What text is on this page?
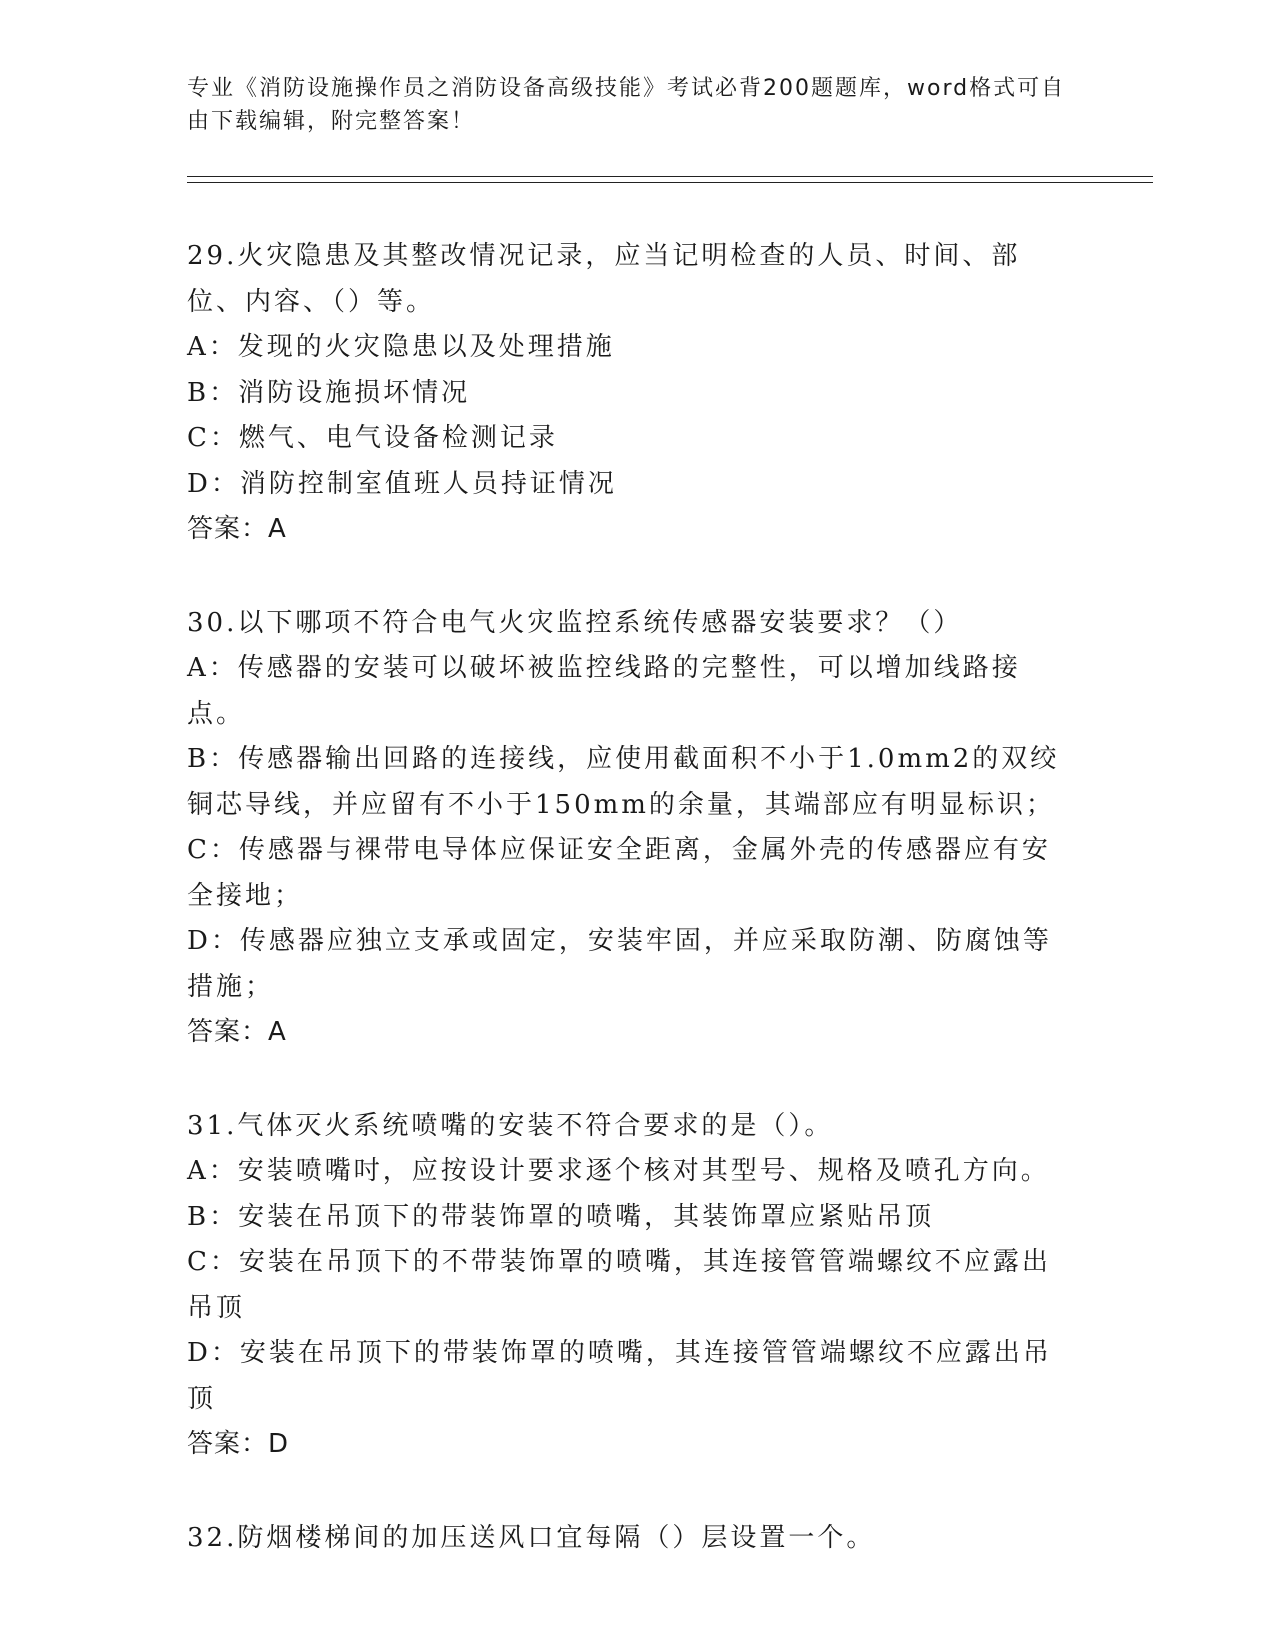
专业《消防设施操作员之消防设备高级技能》考试必背200题题库，word格式可自由下载编辑，附完整答案！
29.火灾隐患及其整改情况记录，应当记明检查的人员、时间、部位、内容、（）等。
A：发现的火灾隐患以及处理措施
B：消防设施损坏情况
C：燃气、电气设备检测记录
D：消防控制室值班人员持证情况
答案：A
30.以下哪项不符合电气火灾监控系统传感器安装要求？（）
A：传感器的安装可以破坏被监控线路的完整性，可以增加线路接点。
B：传感器输出回路的连接线，应使用截面积不小于1.0mm2的双绞铜芯导线，并应留有不小于150mm的余量，其端部应有明显标识；
C：传感器与裸带电导体应保证安全距离，金属外壳的传感器应有安全接地；
D：传感器应独立支承或固定，安装牢固，并应采取防潮、防腐蚀等措施；
答案：A
31.气体灭火系统喷嘴的安装不符合要求的是（）。
A：安装喷嘴吋，应按设计要求逐个核对其型号、规格及喷孔方向。
B：安装在吊顶下的带装饰罩的喷嘴，其装饰罩应紧贴吊顶
C：安装在吊顶下的不带装饰罩的喷嘴，其连接管管端螺纹不应露出吊顶
D：安装在吊顶下的带装饰罩的喷嘴，其连接管管端螺纹不应露出吊顶
答案：D
32.防烟楼梯间的加压送风口宜每隔（）层设置一个。
